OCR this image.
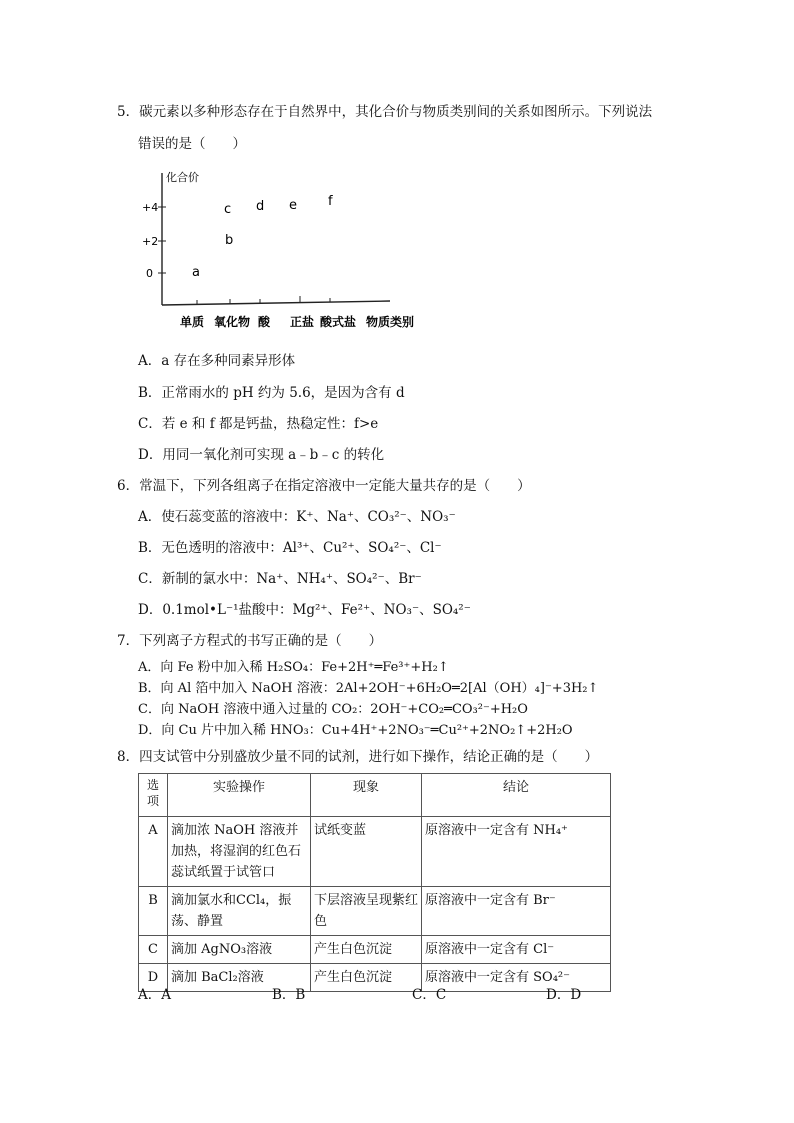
5．碳元素以多种形态存在于自然界中，其化合价与物质类别间的关系如图所示。下列说法
错误的是（　　）
化合价
+4
+2
0
单质 氧化物 酸 正盐 酸式盐 物质类别
a
b
c d e f
A．a 存在多种同素异形体
B．正常雨水的 pH 约为 5.6，是因为含有 d
C．若 e 和 f 都是钙盐，热稳定性：f>e
D．用同一氧化剂可实现 a﹣b﹣c 的转化
6．常温下，下列各组离子在指定溶液中一定能大量共存的是（　　）
A．使石蕊变蓝的溶液中：K⁺、Na⁺、CO₃²⁻、NO₃⁻
B．无色透明的溶液中：Al³⁺、Cu²⁺、SO₄²⁻、Cl⁻
C．新制的氯水中：Na⁺、NH₄⁺、SO₄²⁻、Br⁻
D．0.1mol•L⁻¹盐酸中：Mg²⁺、Fe²⁺、NO₃⁻、SO₄²⁻
7．下列离子方程式的书写正确的是（　　）
A．向 Fe 粉中加入稀 H₂SO₄：Fe+2H⁺═Fe³⁺+H₂↑
B．向 Al 箔中加入 NaOH 溶液：2Al+2OH⁻+6H₂O═2[Al（OH）₄]⁻+3H₂↑
C．向 NaOH 溶液中通入过量的 CO₂：2OH⁻+CO₂═CO₃²⁻+H₂O
D．向 Cu 片中加入稀 HNO₃：Cu+4H⁺+2NO₃⁻═Cu²⁺+2NO₂↑+2H₂O
8．四支试管中分别盛放少量不同的试剂，进行如下操作，结论正确的是（　　）
选项	实验操作	现象	结论
A	滴加浓 NaOH 溶液并加热，将湿润的红色石蕊试纸置于试管口	试纸变蓝	原溶液中一定含有 NH₄⁺
B	滴加氯水和CCl₄，振荡、静置	下层溶液呈现紫红色	原溶液中一定含有 Br⁻
C	滴加 AgNO₃溶液	产生白色沉淀	原溶液中一定含有 Cl⁻
D	滴加 BaCl₂溶液	产生白色沉淀	原溶液中一定含有 SO₄²⁻
A．A	B．B	C．C	D．D
